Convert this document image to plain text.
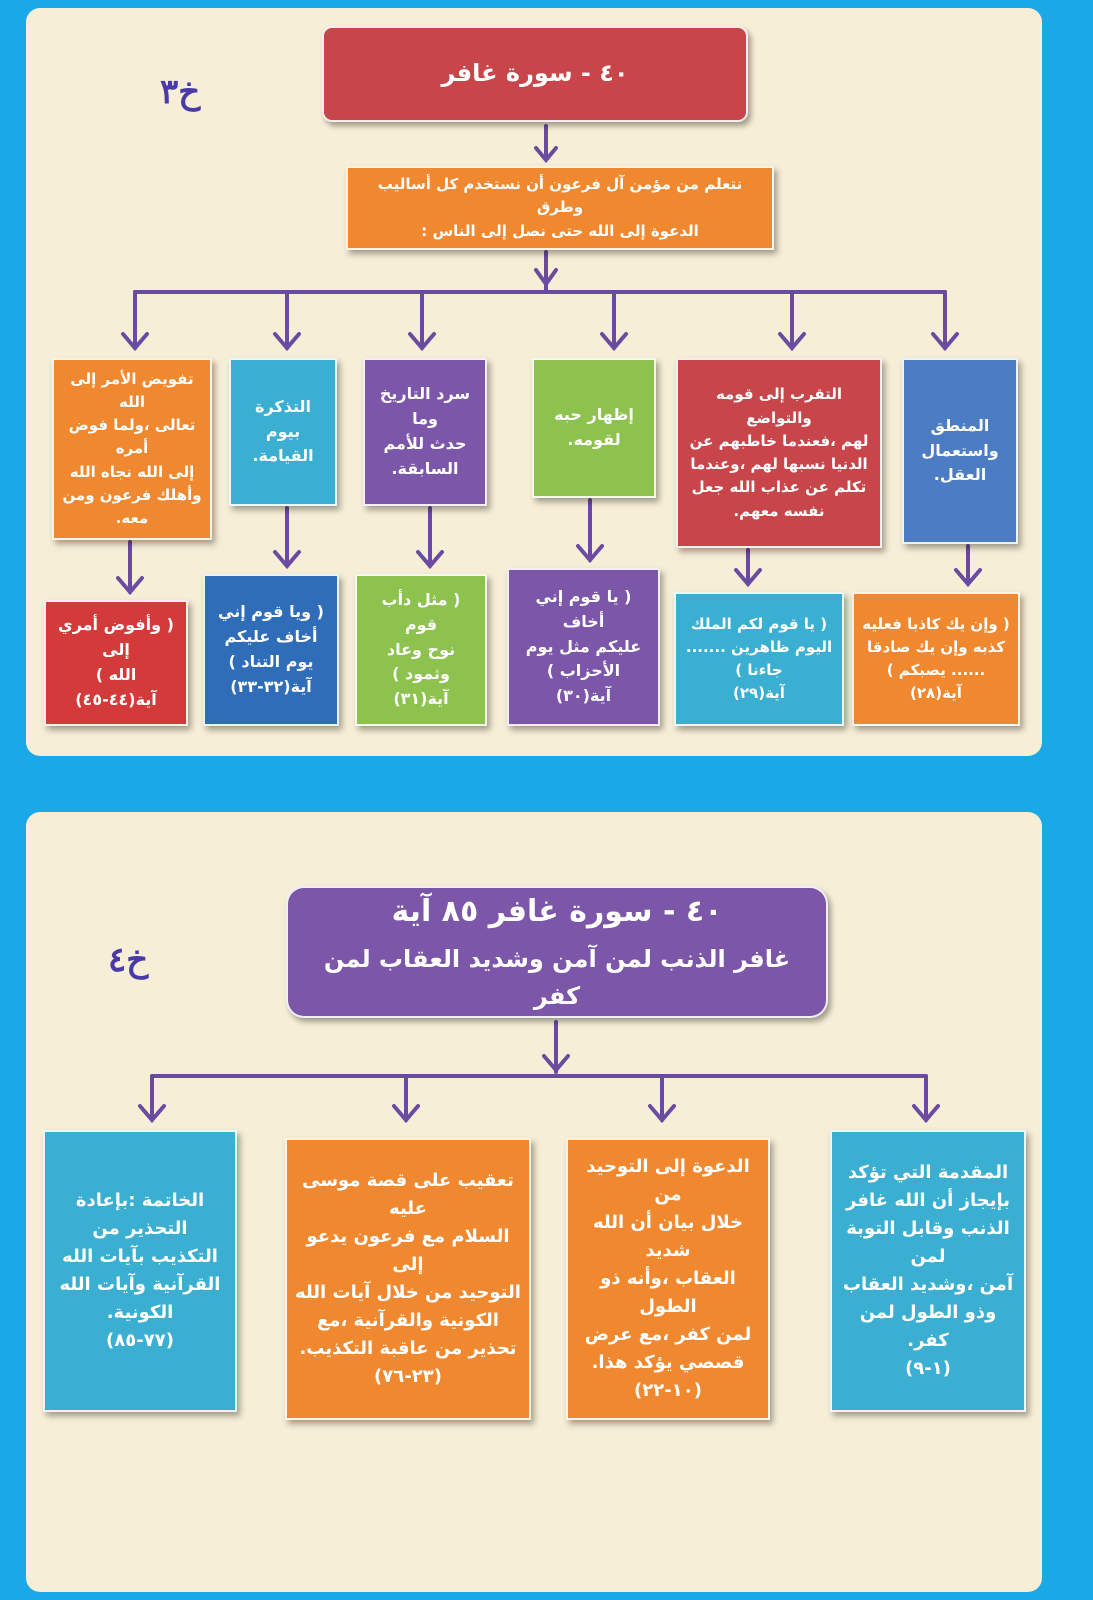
خ٣	٤٠ - سورة غافر
نتعلم من مؤمن آل فرعون أن نستخدم كل أساليب وطرق
الدعوة إلى الله حتى نصل إلى الناس :
المنطق
واستعمال
العقل.
التقرب إلى قومه والتواضع
لهم ،فعندما خاطبهم عن
الدنيا نسبها لهم ،وعندما
تكلم عن عذاب الله جعل
نفسه معهم.
إظهار حبه
لقومه.
سرد التاريخ وما
حدث للأمم
السابقة.
التذكرة
بيوم القيامة.
تفويض الأمر إلى الله
تعالى ،ولما فوض أمره
إلى الله نجاه الله
وأهلك فرعون ومن
معه.
( وإن يك كاذبا فعليه
كذبه وإن يك صادقا
...... يصبكم )
آية(٢٨)
( يا قوم لكم الملك
اليوم ظاهرين .......
جاءنا )
آية(٢٩)
( يا قوم إني أخاف
عليكم مثل يوم
الأحزاب )
آية(٣٠)
( مثل دأب قوم
نوح وعاد وثمود )
آية(٣١)
( ويا قوم إني
أخاف عليكم
يوم التناد )
آية(٣٢-٣٣)
( وأفوض أمري إلى
الله )
آية(٤٤-٤٥)
خ٤
٤٠ - سورة غافر ٨٥ آية
غافر الذنب لمن آمن وشديد العقاب لمن كفر
المقدمة التي تؤكد
بإيجاز أن الله غافر
الذنب وقابل التوبة لمن
آمن ،وشديد العقاب
وذو الطول لمن كفر.
(١-٩)
الدعوة إلى التوحيد من
خلال بيان أن الله شديد
العقاب ،وأنه ذو الطول
لمن كفر ،مع عرض
قصصي يؤكد هذا.
(١٠-٢٢)
تعقيب على قصة موسى عليه
السلام مع فرعون يدعو إلى
التوحيد من خلال آيات الله
الكونية والقرآنية ،مع
تحذير من عاقبة التكذيب.
(٢٣-٧٦)
الخاتمة :بإعادة
التحذير من
التكذيب بآيات الله
القرآنية وآيات الله
الكونية.
(٧٧-٨٥)
